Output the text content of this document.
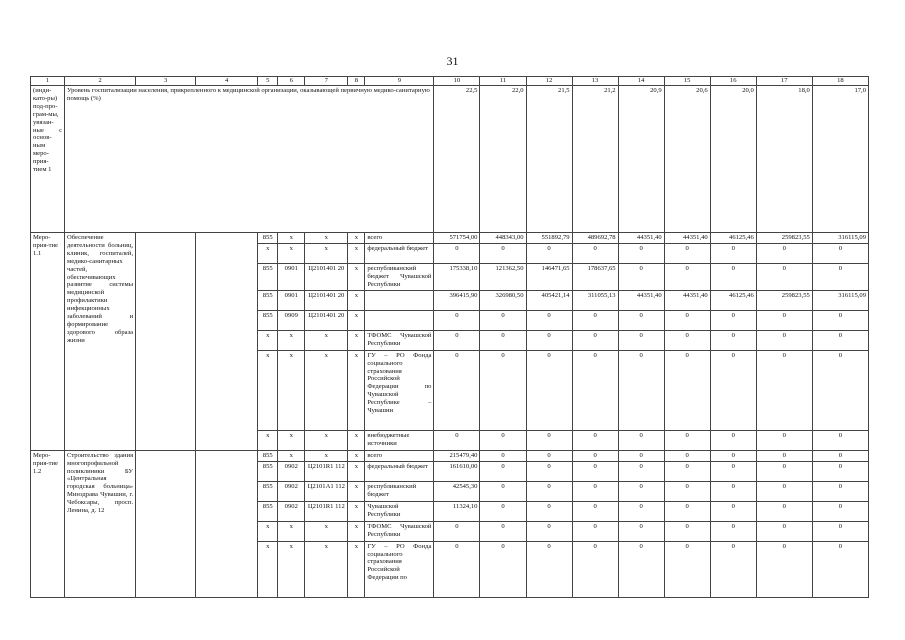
31
1	2	3	4	5	6	7	8	9	10	11	12	13	14	15	16	17	18
(инди-като-ры) под-про-грам-мы, увязан-ные с основ-ным меро-прия-тием 1	Уровень госпитализации населения, прикрепленного к медицинской организации, оказывающей первичную медико-санитарную помощь (%)								22,5	22,0	21,5	21,2	20,9	20,6	20,0	18,0	17,0
Меро-прия-тие 1.1	Обеспечение деятельности больниц, клиник, госпиталей, медико-санитарных частей, обеспечивающих развитие системы медицинской профилактики инфекционных заболеваний и формирование здорового образа жизни			855	х	х	х	всего	571754,00	448343,00	551892,79	489692,78	44351,40	44351,40	46125,46	259823,55	316115,09
				х	х	х	х	федеральный бюджет	0	0	0	0	0	0	0	0	0
				855	0901	Ц2101401 20	х	республиканский бюджет Чувашской Республики	175338,10	121362,50	146471,65	178637,65	0	0	0	0	0
				855	0901	Ц2101401 20	х		396415,90	326980,50	405421,14	311055,13	44351,40	44351,40	46125,46	259823,55	316115,09
				855	0909	Ц2101401 20	х		0	0	0	0	0	0	0	0	0
				х	х	х	х	ТФОМС Чувашской Республики	0	0	0	0	0	0	0	0	0
				х	х	х	х	ГУ – РО Фонда социального страхования Российской Федерации по Чувашской Республике – Чувашии	0	0	0	0	0	0	0	0	0
				х	х	х	х	внебюджетные источники	0	0	0	0	0	0	0	0	0
Меро-прия-тие 1.2	Строительство здания многопрофильной поликлиники БУ «Центральная городская больница» Минздрава Чувашии, г. Чебоксары, просп. Ленина, д. 12			855	х	х	х	всего	215479,40	0	0	0	0	0	0	0	0
				855	0902	Ц2101R1 112	х	федеральный бюджет	161610,00	0	0	0	0	0	0	0	0
				855	0902	Ц2101А1 112	х	республиканский бюджет	42545,30	0	0	0	0	0	0	0	0
				855	0902	Ц2101R1 112	х	Чувашской Республики	11324,10	0	0	0	0	0	0	0	0
				х	х	х	х	ТФОМС Чувашской Республики	0	0	0	0	0	0	0	0	0
				х	х	х	х	ГУ – РО Фонда социального страхования Российской Федерации по	0	0	0	0	0	0	0	0	0
